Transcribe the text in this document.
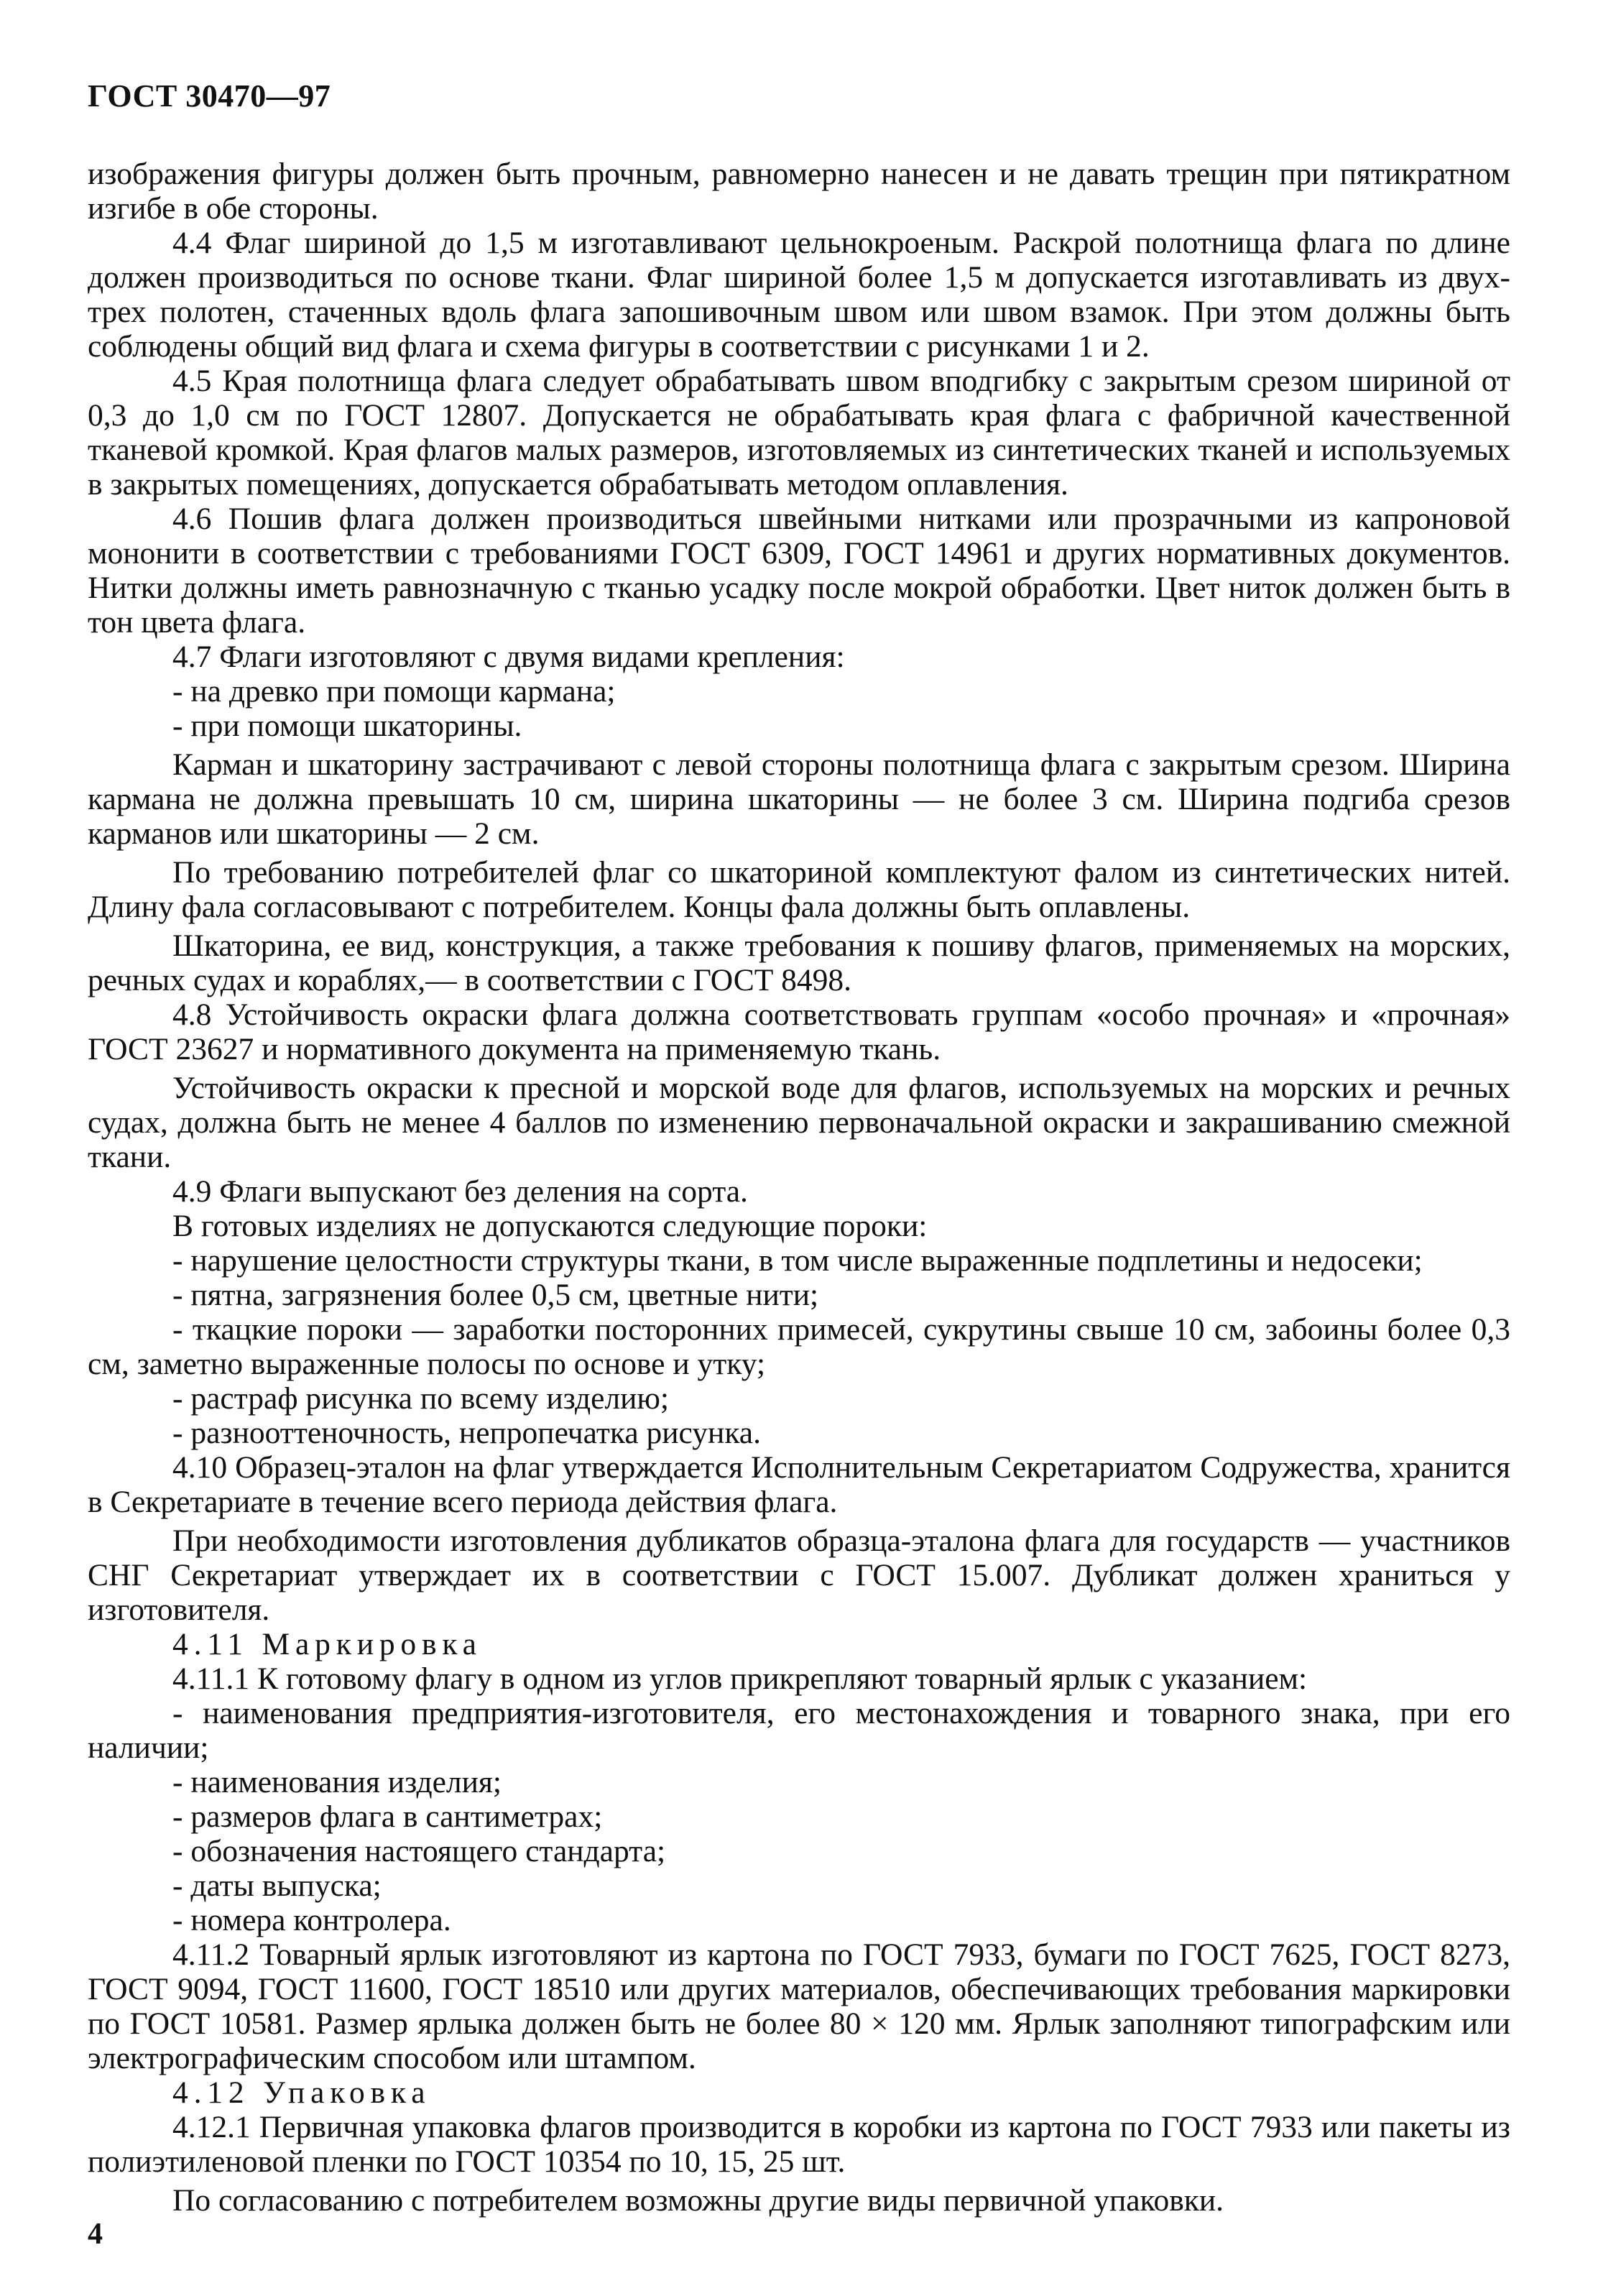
ГОСТ 30470—97

изображения фигуры должен быть прочным, равномерно нанесен и не давать трещин при пятикратном изгибе в обе стороны.

4.4 Флаг шириной до 1,5 м изготавливают цельнокроеным. Раскрой полотнища флага по длине должен производиться по основе ткани. Флаг шириной более 1,5 м допускается изготавливать из двух-трех полотен, стаченных вдоль флага запошивочным швом или швом взамок. При этом должны быть соблюдены общий вид флага и схема фигуры в соответствии с рисунками 1 и 2.

4.5 Края полотнища флага следует обрабатывать швом вподгибку с закрытым срезом шириной от 0,3 до 1,0 см по ГОСТ 12807. Допускается не обрабатывать края флага с фабричной качественной тканевой кромкой. Края флагов малых размеров, изготовляемых из синтетических тканей и используемых в закрытых помещениях, допускается обрабатывать методом оплавления.

4.6 Пошив флага должен производиться швейными нитками или прозрачными из капроновой мононити в соответствии с требованиями ГОСТ 6309, ГОСТ 14961 и других нормативных документов. Нитки должны иметь равнозначную с тканью усадку после мокрой обработки. Цвет ниток должен быть в тон цвета флага.

4.7 Флаги изготовляют с двумя видами крепления:

- на древко при помощи кармана;

- при помощи шкаторины.

Карман и шкаторину застрачивают с левой стороны полотнища флага с закрытым срезом. Ширина кармана не должна превышать 10 см, ширина шкаторины — не более 3 см. Ширина подгиба срезов карманов или шкаторины — 2 см.

По требованию потребителей флаг со шкаториной комплектуют фалом из синтетических нитей. Длину фала согласовывают с потребителем. Концы фала должны быть оплавлены.

Шкаторина, ее вид, конструкция, а также требования к пошиву флагов, применяемых на морских, речных судах и кораблях,— в соответствии с ГОСТ 8498.

4.8 Устойчивость окраски флага должна соответствовать группам «особо прочная» и «прочная» ГОСТ 23627 и нормативного документа на применяемую ткань.

Устойчивость окраски к пресной и морской воде для флагов, используемых на морских и речных судах, должна быть не менее 4 баллов по изменению первоначальной окраски и закрашиванию смежной ткани.

4.9 Флаги выпускают без деления на сорта.

В готовых изделиях не допускаются следующие пороки:

- нарушение целостности структуры ткани, в том числе выраженные подплетины и недосеки;

- пятна, загрязнения более 0,5 см, цветные нити;

- ткацкие пороки — заработки посторонних примесей, сукрутины свыше 10 см, забоины более 0,3 см, заметно выраженные полосы по основе и утку;

- раcтраф рисунка по всему изделию;

- разнооттеночность, непропечатка рисунка.

4.10 Образец-эталон на флаг утверждается Исполнительным Секретариатом Содружества, хранится в Секретариате в течение всего периода действия флага.

При необходимости изготовления дубликатов образца-эталона флага для государств — участников СНГ Секретариат утверждает их в соответствии с ГОСТ 15.007. Дубликат должен храниться у изготовителя.

4.11 Маркировка

4.11.1 К готовому флагу в одном из углов прикрепляют товарный ярлык с указанием:

- наименования предприятия-изготовителя, его местонахождения и товарного знака, при его наличии;

- наименования изделия;

- размеров флага в сантиметрах;

- обозначения настоящего стандарта;

- даты выпуска;

- номера контролера.

4.11.2 Товарный ярлык изготовляют из картона по ГОСТ 7933, бумаги по ГОСТ 7625, ГОСТ 8273, ГОСТ 9094, ГОСТ 11600, ГОСТ 18510 или других материалов, обеспечивающих требования маркировки по ГОСТ 10581. Размер ярлыка должен быть не более 80 × 120 мм. Ярлык заполняют типографским или электрографическим способом или штампом.

4.12 Упаковка

4.12.1 Первичная упаковка флагов производится в коробки из картона по ГОСТ 7933 или пакеты из полиэтиленовой пленки по ГОСТ 10354 по 10, 15, 25 шт.

По согласованию с потребителем возможны другие виды первичной упаковки.

4
